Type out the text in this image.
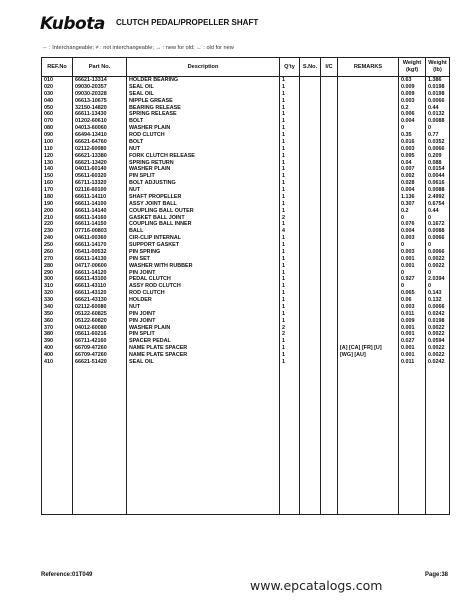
Kubota CLUTCH PEDAL/PROPELLER SHAFT
⇔ : Interchangeable; ≠ : not interchangeable; → : new for old; ← : old for new
REF.No	Part No.	Description	Q'ty	S.No.	I/C	REMARKS	Weight
(kgf)	Weight
(lb)
010	66621-13314	HOLDER BEARING	1				0.63	1.386
020	09030-20357	SEAL OIL	1				0.009	0.0198
030	09030-20328	SEAL OIL	1				0.009	0.0198
040	06613-10675	NIPPLE GREASE	1				0.003	0.0066
050	32150-14820	BEARING RELEASE	1				0.2	0.44
060	66611-13430	SPRING RELEASE	1				0.006	0.0132
070	01202-60610	BOLT	1				0.004	0.0088
080	04013-60060	WASHER PLAIN	1				0	0
090	66494-13410	ROD CLUTCH	1				0.35	0.77
100	66621-64760	BOLT	1				0.016	0.0352
110	02112-60080	NUT	1				0.003	0.0066
120	66621-13380	FORK CLUTCH RELEASE	1				0.095	0.209
130	66621-13420	SPRING RETURN	1				0.04	0.088
140	04011-60140	WASHER PLAIN	1				0.007	0.0154
150	05611-60320	PIN SPLIT	1				0.002	0.0044
160	66711-13320	BOLT ADJUSTING	1				0.028	0.0616
170	02116-60100	NUT	1				0.004	0.0088
180	66611-14110	SHAFT PROPELLER	1				1.136	2.4992
190	66611-14100	ASSY JOINT BALL	1				0.307	0.6754
200	66611-14140	COUPLING BALL OUTER	1				0.2	0.44
210	66611-14160	GASKET BALL JOINT	2				0	0
220	66611-14150	COUPLING BALL INNER	1				0.076	0.1672
230	07716-00803	BALL	4				0.004	0.0088
240	04611-00360	CIR-CLIP INTERNAL	1				0.003	0.0066
250	66611-14170	SUPPORT GASKET	1				0	0
260	05411-00532	PIN SPRING	1				0.003	0.0066
270	66611-14130	PIN SET	1				0.001	0.0022
280	04717-00600	WASHER WITH RUBBER	1				0.001	0.0022
290	66611-14120	PIN JOINT	1				0	0
300	66611-43100	PEDAL CLUTCH	1				0.927	2.0394
310	66611-43110	ASSY ROD CLUTCH	1				0	0
320	66611-43120	ROD CLUTCH	1				0.065	0.143
330	66621-43130	HOLDER	1				0.06	0.132
340	02112-60080	NUT	1				0.003	0.0066
350	05122-60825	PIN JOINT	1				0.011	0.0242
360	05122-60820	PIN JOINT	1				0.009	0.0198
370	04012-60080	WASHER PLAIN	2				0.001	0.0022
380	05611-60216	PIN SPLIT	2				0.001	0.0022
390	66711-42160	SPACER PEDAL	1				0.027	0.0594
400	66709-47260	NAME PLATE SPACER	1			[A] [CA] [FR] [U]	0.001	0.0022
400	66709-47260	NAME PLATE SPACER	1			[WG] [AU]	0.001	0.0022
410	66621-51420	SEAL OIL	1				0.011	0.0242

Reference:01T049	Page:38
www.epcatalogs.com
